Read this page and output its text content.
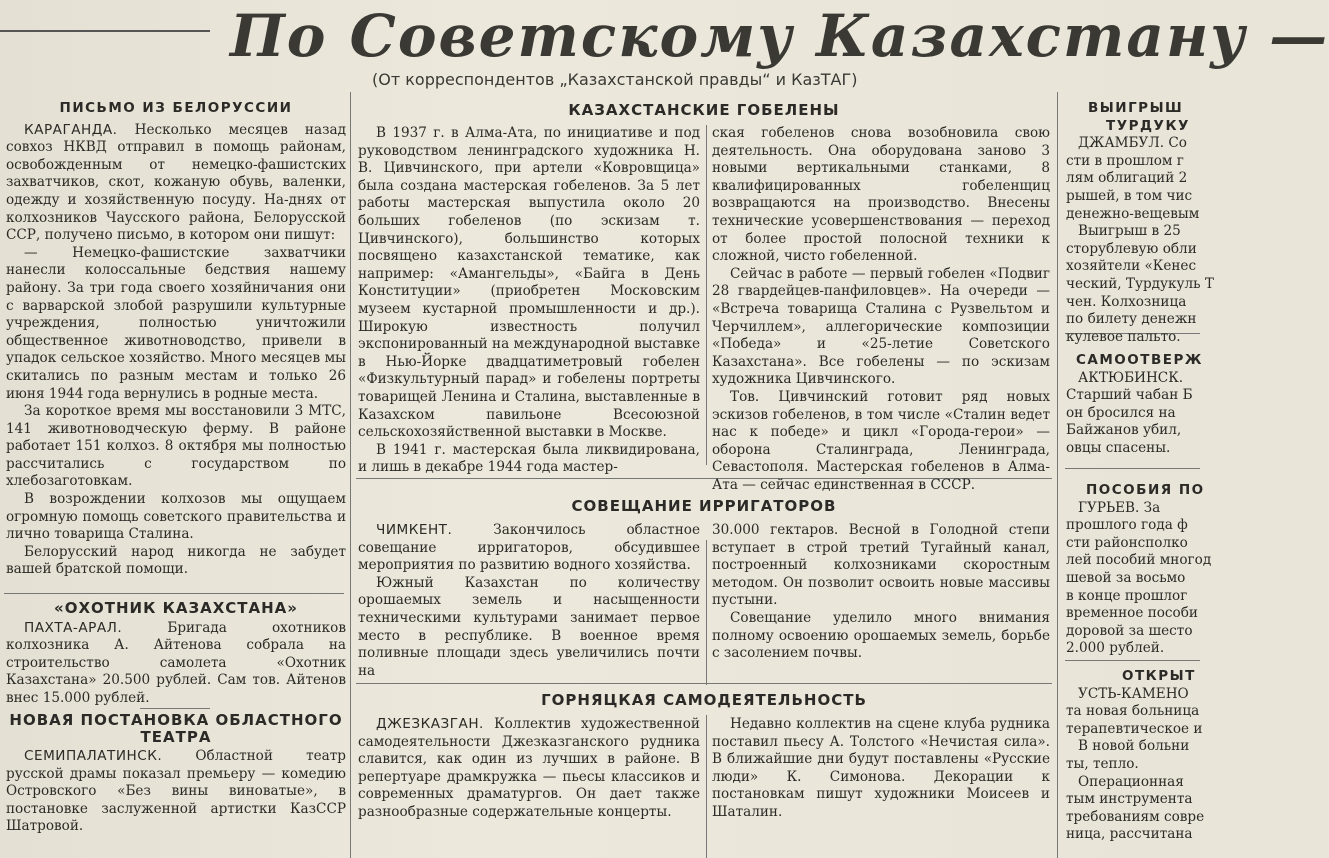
По Советскому Казахстану —
(От корреспондентов „Казахстанской правды“ и КазТАГ)
ПИСЬМО ИЗ БЕЛОРУССИИ

КАРАГАНДА. Несколько месяцев назад совхоз НКВД отправил в помощь районам, освобожденным от немецко-фашистских захватчиков, скот, кожаную обувь, валенки, одежду и хозяйственную посуду. На-днях от колхозников Чаусского района, Белорусской ССР, получено письмо, в котором они пишут:

— Немецко-фашистские захватчики нанесли колоссальные бедствия нашему району. За три года своего хозяйничания они с варварской злобой разрушили культурные учреждения, полностью уничтожили общественное животноводство, привели в упадок сельское хозяйство. Много месяцев мы скитались по разным местам и только 26 июня 1944 года вернулись в родные места.

За короткое время мы восстановили 3 МТС, 141 животноводческую ферму. В районе работает 151 колхоз. 8 октября мы полностью рассчитались с государством по хлебозаготовкам.

В возрождении колхозов мы ощущаем огромную помощь советского правительства и лично товарища Сталина.

Белорусский народ никогда не забудет вашей братской помощи.

«ОХОТНИК КАЗАХСТАНА»

ПАХТА-АРАЛ.	Бригада охотников колхозника А. Айтенова собрала на строительство самолета «Охотник Казахстана» 20.500 рублей. Сам тов. Айтенов внес 15.000 рублей.

НОВАЯ ПОСТАНОВКА ОБЛАСТНОГО ТЕАТРА

СЕМИПАЛАТИНСК. Областной театр русской драмы показал премьеру — комедию Островского «Без вины виноватые», в постановке заслуженной артистки КазССР Шатровой.

КАЗАХСТАНСКИЕ ГОБЕЛЕНЫ

В 1937 г. в Алма-Ата, по инициативе и под руководством ленинградского художника Н. В. Цивчинского, при артели «Ковровщица» была создана мастерская гобеленов. За 5 лет работы мастерская выпустила около 20 больших гобеленов (по эскизам т. Цивчинского), большинство которых посвящено казахстанской тематике, как например: «Амангельды», «Байга в День Конституции» (приобретен Московским музеем кустарной промышленности и др.). Широкую известность получил экспонированный на международной выставке в Нью-Йорке двадцатиметровый гобелен «Физкультурный парад» и гобелены портреты товарищей Ленина и Сталина, выставленные в Казахском павильоне Всесоюзной сельскохозяйственной выставки в Москве.

В 1941 г. мастерская была ликвидирована, и лишь в декабре 1944 года мастер-

ская гобеленов снова возобновила свою деятельность. Она оборудована заново 3 новыми вертикальными станками, 8 квалифицированных гобеленщиц возвращаются на производство. Внесены технические усовершенствования — переход от более простой полосной техники к сложной, чисто гобеленной.

Сейчас в работе — первый гобелен «Подвиг 28 гвардейцев-панфиловцев». На очереди — «Встреча товарища Сталина с Рузвельтом и Черчиллем», аллегорические композиции «Победа» и «25-летие Советского Казахстана». Все гобелены — по эскизам художника Цивчинского.

Тов. Цивчинский готовит ряд новых эскизов гобеленов, в том числе «Сталин ведет нас к победе» и цикл «Города-герои» — оборона Сталинграда, Ленинграда, Севастополя. Мастерская гобеленов в Алма-Ата — сейчас единственная в СССР.

СОВЕЩАНИЕ ИРРИГАТОРОВ

ЧИМКЕНТ.	Закончилось областное совещание ирригаторов, обсудившее мероприятия по развитию водного хозяйства.

Южный Казахстан по количеству орошаемых земель и насыщенности техническими культурами занимает первое место в республике. В военное время поливные площади здесь увеличились почти на

30.000 гектаров. Весной в Голодной степи вступает в строй третий Тугайный канал, построенный колхозниками скоростным методом. Он позволит освоить новые массивы пустыни.

Совещание уделило много внимания полному освоению орошаемых земель, борьбе с засолением почвы.

ГОРНЯЦКАЯ САМОДЕЯТЕЛЬНОСТЬ

ДЖЕЗКАЗГАН. Коллектив художественной самодеятельности Джезказганского рудника славится, как один из лучших в районе. В репертуаре драмкружка — пьесы классиков и современных драматургов. Он дает также разнообразные содержательные концерты.

Недавно коллектив на сцене клуба рудника поставил пьесу А. Толстого «Нечистая сила». В ближайшие дни будут поставлены «Русские люди» К. Симонова. Декорации к постановкам пишут художники Моисеев и Шаталин.

ВЫИГРЫШ
ТУРДУКУ
ДЖАМБУЛ. Со
сти в прошлом г
лям облигаций 2
рышей, в том чис
денежно-вещевым
Выигрыш в 25
сторублевую обли
хозяйтели «Кенес
ческий, Турдукуль Т
чен. Колхозница
по билету денежн
кулевое пальто.
САМООТВЕРЖ
АКТЮБИНСК.
Старший чабан Б
он бросился на
Байжанов убил,
овцы спасены.
ПОСОБИЯ ПО
ГУРЬЕВ. За
прошлого года ф
сти районсполко
лей пособий многод
шевой за восьмо
в конце прошлог
временное пособи
доровой за шесто
2.000 рублей.
ОТКРЫТ
УСТЬ-КАМЕНО
та новая больница
терапевтическое и
В новой больни
ты, тепло.
Операционная
тым инструмента
требованиям совре
ница, рассчитана
